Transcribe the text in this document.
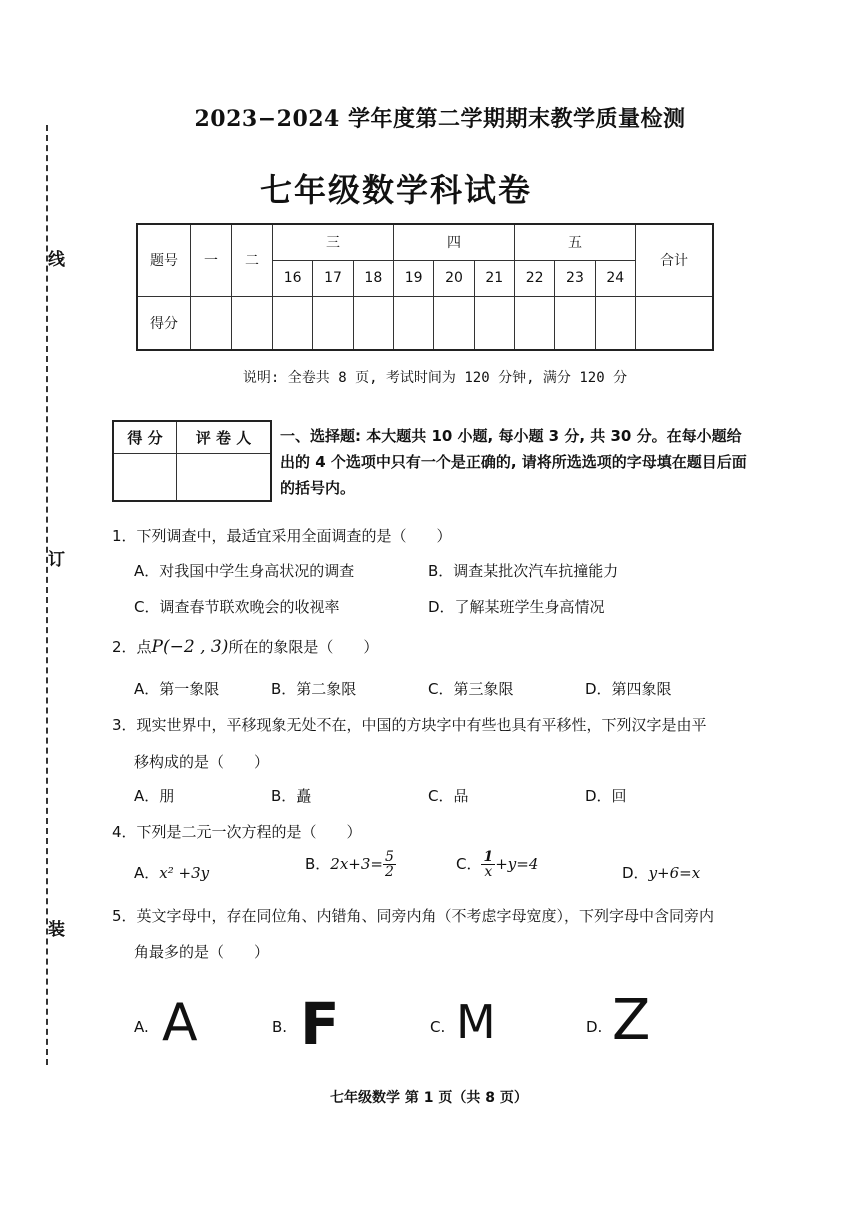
线
订
装
2023−2024 学年度第二学期期末教学质量检测
七年级数学科试卷
题号	一	二	三			四			五			合计
			16	17	18	19	20	21	22	23	24	
得分												
说明: 全卷共 8 页, 考试时间为 120 分钟, 满分 120 分
得 分	评 卷 人
	一、选择题: 本大题共 10 小题, 每小题 3 分, 共 30 分。在每小题给出的 4 个选项中只有一个是正确的, 请将所选选项的字母填在题目后面的括号内。
1．下列调查中，最适宜采用全面调查的是（　　）
A．对我国中学生身高状况的调查	B．调查某批次汽车抗撞能力
C．调查春节联欢晚会的收视率	D．了解某班学生身高情况
2．点P(−2 , 3)所在的象限是（　　）
A．第一象限	B．第二象限	C．第三象限	D．第四象限
3．现实世界中，平移现象无处不在，中国的方块字中有些也具有平移性，下列汉字是由平
移构成的是（　　）
A．朋	B．矗	C．品	D．回
4．下列是二元一次方程的是（　　）
A．x² +3y	B．$2x+3= \frac{5}{2}$	C． $\frac{1}{x} +y=4$	D．y+6=x
5．英文字母中，存在同位角、内错角、同旁内角（不考虑字母宽度），下列字母中含同旁内
角最多的是（　　）
A. A	B. F	C. M	D. Z
七年级数学 第 1 页（共 8 页）
